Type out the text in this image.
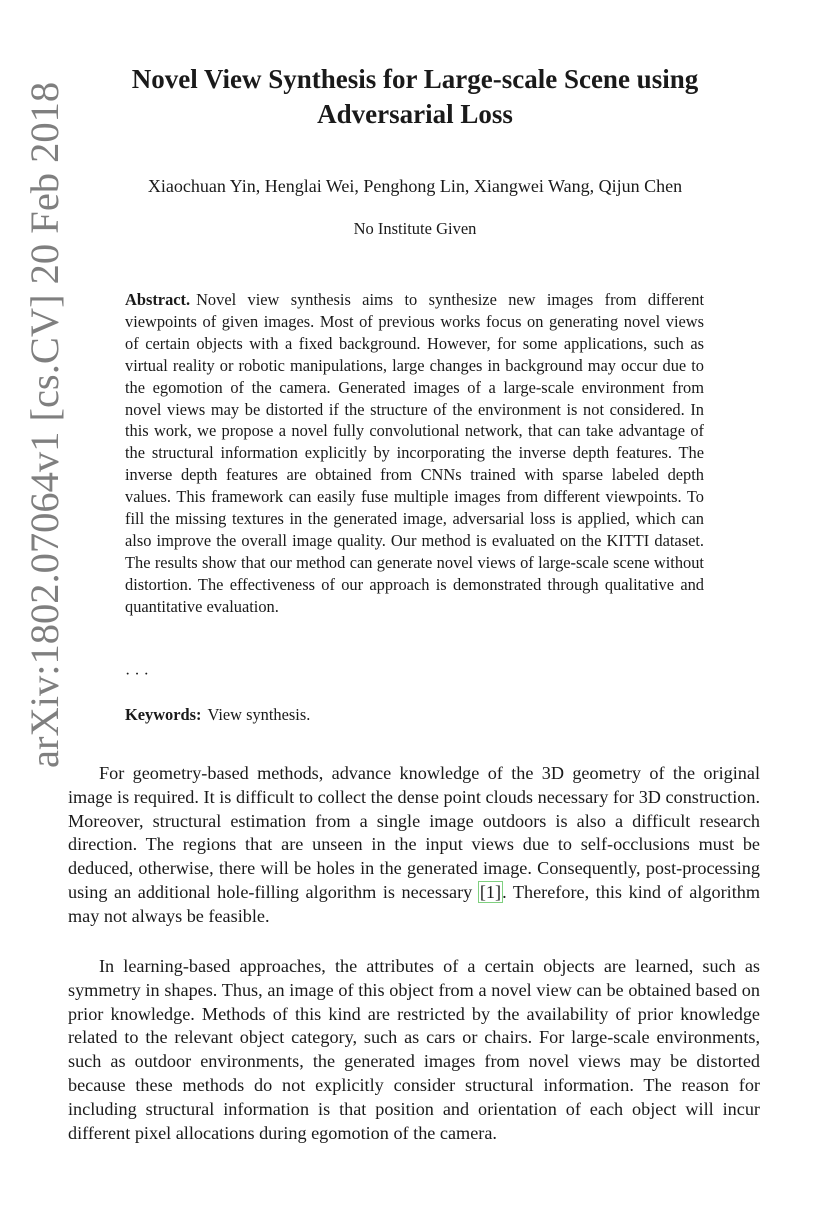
arXiv:1802.07064v1 [cs.CV] 20 Feb 2018
Novel View Synthesis for Large-scale Scene using Adversarial Loss
Xiaochuan Yin, Henglai Wei, Penghong Lin, Xiangwei Wang, Qijun Chen
No Institute Given

Abstract. Novel view synthesis aims to synthesize new images from different viewpoints of given images. Most of previous works focus on generating novel views of certain objects with a fixed background. However, for some applications, such as virtual reality or robotic manipulations, large changes in background may occur due to the egomotion of the camera. Generated images of a large-scale environment from novel views may be distorted if the structure of the environment is not considered. In this work, we propose a novel fully convolutional network, that can take advantage of the structural information explicitly by incorporating the inverse depth features. The inverse depth features are obtained from CNNs trained with sparse labeled depth values. This framework can easily fuse multiple images from different viewpoints. To fill the missing textures in the generated image, adversarial loss is applied, which can also improve the overall image quality. Our method is evaluated on the KITTI dataset. The results show that our method can generate novel views of large-scale scene without distortion. The effectiveness of our approach is demonstrated through qualitative and quantitative evaluation.

· · ·
Keywords: View synthesis.

For geometry-based methods, advance knowledge of the 3D geometry of the original image is required. It is difficult to collect the dense point clouds necessary for 3D construction. Moreover, structural estimation from a single image outdoors is also a difficult research direction. The regions that are unseen in the input views due to self-occlusions must be deduced, otherwise, there will be holes in the generated image. Consequently, post-processing using an additional hole-filling algorithm is necessary [1]. Therefore, this kind of algorithm may not always be feasible.

In learning-based approaches, the attributes of a certain objects are learned, such as symmetry in shapes. Thus, an image of this object from a novel view can be obtained based on prior knowledge. Methods of this kind are restricted by the availability of prior knowledge related to the relevant object category, such as cars or chairs. For large-scale environments, such as outdoor environments, the generated images from novel views may be distorted because these methods do not explicitly consider structural information. The reason for including structural information is that position and orientation of each object will incur different pixel allocations during egomotion of the camera.
